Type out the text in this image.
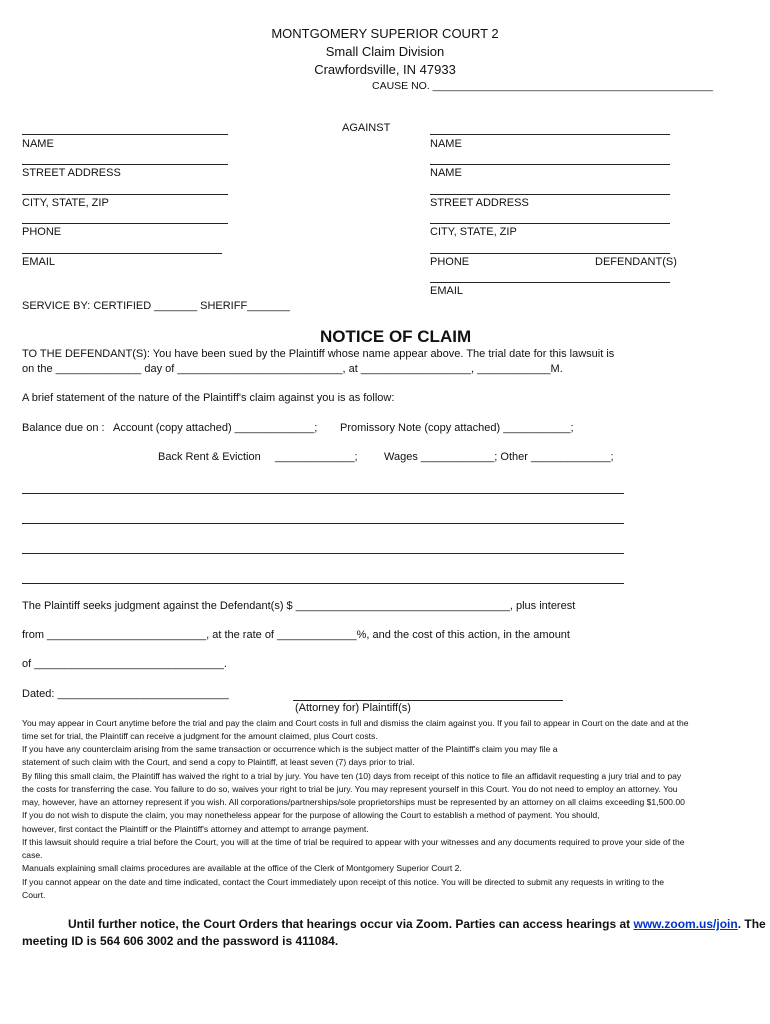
MONTGOMERY SUPERIOR COURT 2
Small Claim Division
Crawfordsville, IN 47933
CAUSE NO. ________________________________________________
NAME
STREET ADDRESS
CITY, STATE, ZIP
PHONE
EMAIL
AGAINST
NAME
NAME
STREET ADDRESS
CITY, STATE, ZIP
PHONE	DEFENDANT(S)
EMAIL
SERVICE BY: CERTIFIED _______ SHERIFF_______
NOTICE OF CLAIM
TO THE DEFENDANT(S): You have been sued by the Plaintiff whose name appear above. The trial date for this lawsuit is
on the ______________ day of ___________________________, at __________________, ____________M.
A brief statement of the nature of the Plaintiff's claim against you is as follow:
Balance due on : Account (copy attached) _____________; Promissory Note (copy attached) ___________;
Back Rent & Eviction _____________; Wages ____________; Other _____________;
The Plaintiff seeks judgment against the Defendant(s) $ ___________________________________, plus interest
from __________________________, at the rate of _____________%, and the cost of this action, in the amount
of _______________________________.
Dated: ____________________________
(Attorney for) Plaintiff(s)
You may appear in Court anytime before the trial and pay the claim and Court costs in full and dismiss the claim against you. If you fail to appear in Court on the date and at the
time set for trial, the Plaintiff can receive a judgment for the amount claimed, plus Court costs.
If you have any counterclaim arising from the same transaction or occurrence which is the subject matter of the Plaintiff's claim you may file a
statement of such claim with the Court, and send a copy to Plaintiff, at least seven (7) days prior to trial.
By filing this small claim, the Plaintiff has waived the right to a trial by jury. You have ten (10) days from receipt of this notice to file an affidavit requesting a jury trial and to pay
the costs for transferring the case. You failure to do so, waives your right to trial be jury. You may represent yourself in this Court. You do not need to employ an attorney. You
may, however, have an attorney represent if you wish. All corporations/partnerships/sole proprietorships must be represented by an attorney on all claims exceeding $1,500.00
If you do not wish to dispute the claim, you may nonetheless appear for the purpose of allowing the Court to establish a method of payment. You should,
however, first contact the Plaintiff or the Plaintiff's attorney and attempt to arrange payment.
If this lawsuit should require a trial before the Court, you will at the time of trial be required to appear with your witnesses and any documents required to prove your side of the
case.
Manuals explaining small claims procedures are available at the office of the Clerk of Montgomery Superior Court 2.
If you cannot appear on the date and time indicated, contact the Court immediately upon receipt of this notice. You will be directed to submit any requests in writing to the
Court.
Until further notice, the Court Orders that hearings occur via Zoom. Parties can access hearings at www.zoom.us/join. The
meeting ID is 564 606 3002 and the password is 411084.
